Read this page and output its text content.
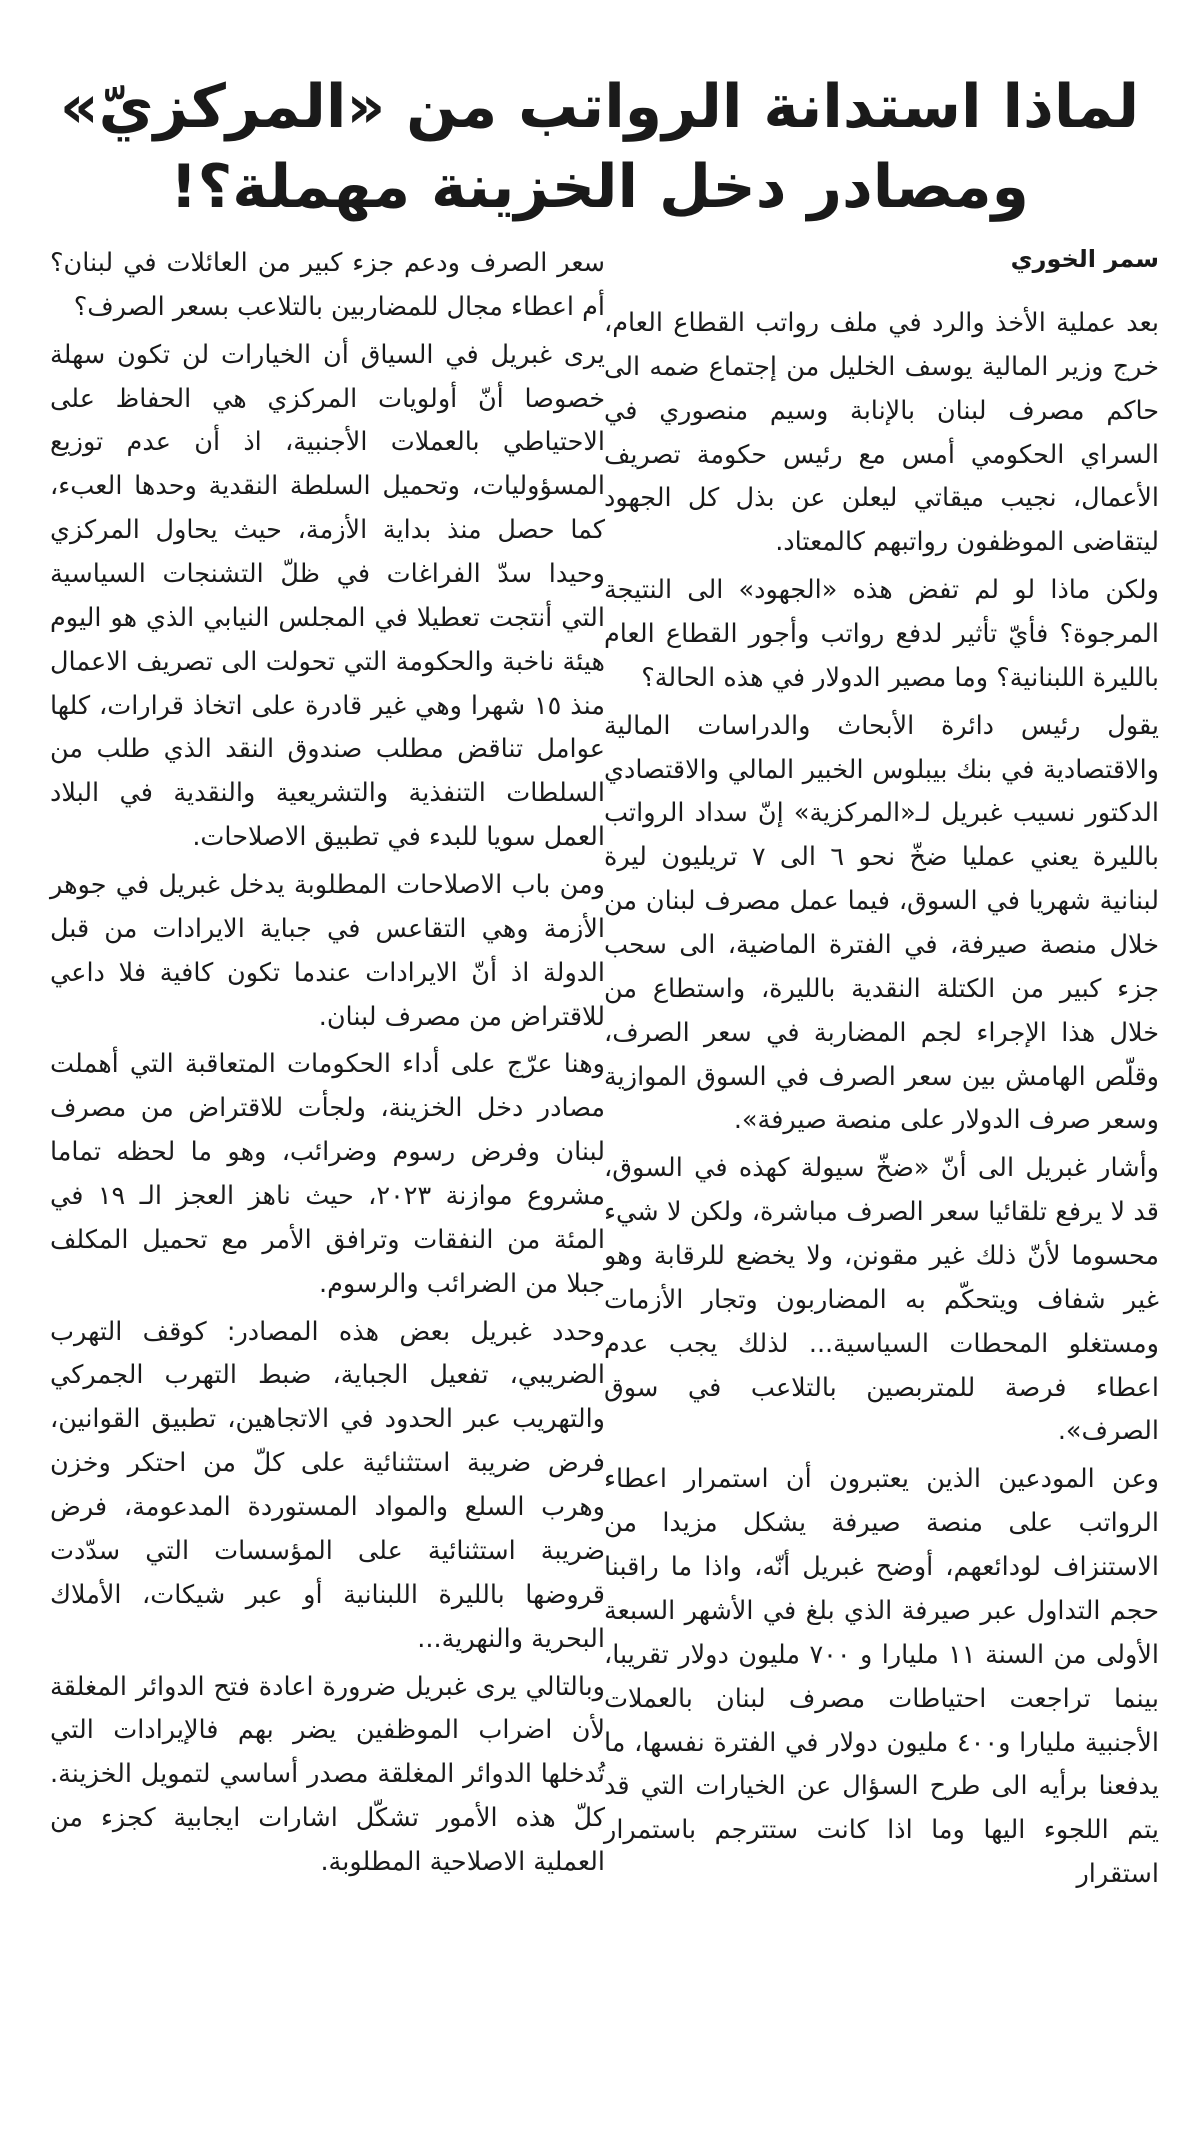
لماذا استدانة الرواتب من «المركزيّ»
ومصادر دخل الخزينة مهملة؟!
سمر الخوري

بعد عملية الأخذ والرد في ملف رواتب القطاع العام، خرج وزير المالية يوسف الخليل من إجتماع ضمه الى حاكم مصرف لبنان بالإنابة وسيم منصوري في السراي الحكومي أمس مع رئيس حكومة تصريف الأعمال، نجيب ميقاتي ليعلن عن بذل كل الجهود ليتقاضى الموظفون رواتبهم كالمعتاد.

ولكن ماذا لو لم تفض هذه «الجهود» الى النتيجة المرجوة؟ فأيّ تأثير لدفع رواتب وأجور القطاع العام بالليرة اللبنانية؟ وما مصير الدولار في هذه الحالة؟

يقول رئيس دائرة الأبحاث والدراسات المالية والاقتصادية في بنك بيبلوس الخبير المالي والاقتصادي الدكتور نسيب غبريل لـ«المركزية» إنّ سداد الرواتب بالليرة يعني عمليا ضخّ نحو ٦ الى ٧ تريليون ليرة لبنانية شهريا في السوق، فيما عمل مصرف لبنان من خلال منصة صيرفة، في الفترة الماضية، الى سحب جزء كبير من الكتلة النقدية بالليرة، واستطاع من خلال هذا الإجراء لجم المضاربة في سعر الصرف، وقلّص الهامش بين سعر الصرف في السوق الموازية وسعر صرف الدولار على منصة صيرفة».

وأشار غبريل الى أنّ «ضخّ سيولة كهذه في السوق، قد لا يرفع تلقائيا سعر الصرف مباشرة، ولكن لا شيء محسوما لأنّ ذلك غير مقونن، ولا يخضع للرقابة وهو غير شفاف ويتحكّم به المضاربون وتجار الأزمات ومستغلو المحطات السياسية... لذلك يجب عدم اعطاء فرصة للمتربصين بالتلاعب في سوق الصرف».

وعن المودعين الذين يعتبرون أن استمرار اعطاء الرواتب على منصة صيرفة يشكل مزيدا من الاستنزاف لودائعهم، أوضح غبريل أنّه، واذا ما راقبنا حجم التداول عبر صيرفة الذي بلغ في الأشهر السبعة الأولى من السنة ١١ مليارا و ٧٠٠ مليون دولار تقريبا، بينما تراجعت احتياطات مصرف لبنان بالعملات الأجنبية مليارا و٤٠٠ مليون دولار في الفترة نفسها، ما يدفعنا برأيه الى طرح السؤال عن الخيارات التي قد يتم اللجوء اليها وما اذا كانت ستترجم باستمرار استقرار

سعر الصرف ودعم جزء كبير من العائلات في لبنان؟ أم اعطاء مجال للمضاربين بالتلاعب بسعر الصرف؟

يرى غبريل في السياق أن الخيارات لن تكون سهلة خصوصا أنّ أولويات المركزي هي الحفاظ على الاحتياطي بالعملات الأجنبية، اذ أن عدم توزيع المسؤوليات، وتحميل السلطة النقدية وحدها العبء، كما حصل منذ بداية الأزمة، حيث يحاول المركزي وحيدا سدّ الفراغات في ظلّ التشنجات السياسية التي أنتجت تعطيلا في المجلس النيابي الذي هو اليوم هيئة ناخبة والحكومة التي تحولت الى تصريف الاعمال منذ ١٥ شهرا وهي غير قادرة على اتخاذ قرارات، كلها عوامل تناقض مطلب صندوق النقد الذي طلب من السلطات التنفذية والتشريعية والنقدية في البلاد العمل سويا للبدء في تطبيق الاصلاحات.

ومن باب الاصلاحات المطلوبة يدخل غبريل في جوهر الأزمة وهي التقاعس في جباية الايرادات من قبل الدولة اذ أنّ الايرادات عندما تكون كافية فلا داعي للاقتراض من مصرف لبنان.

وهنا عرّج على أداء الحكومات المتعاقبة التي أهملت مصادر دخل الخزينة، ولجأت للاقتراض من مصرف لبنان وفرض رسوم وضرائب، وهو ما لحظه تماما مشروع موازنة ٢٠٢٣، حيث ناهز العجز الـ ١٩ في المئة من النفقات وترافق الأمر مع تحميل المكلف جبلا من الضرائب والرسوم.

وحدد غبريل بعض هذه المصادر: كوقف التهرب الضريبي، تفعيل الجباية، ضبط التهرب الجمركي والتهريب عبر الحدود في الاتجاهين، تطبيق القوانين، فرض ضريبة استثنائية على كلّ من احتكر وخزن وهرب السلع والمواد المستوردة المدعومة، فرض ضريبة استثنائية على المؤسسات التي سدّدت قروضها بالليرة اللبنانية أو عبر شيكات، الأملاك البحرية والنهرية...

وبالتالي يرى غبريل ضرورة اعادة فتح الدوائر المغلقة لأن اضراب الموظفين يضر بهم فالإيرادات التي تُدخلها الدوائر المغلقة مصدر أساسي لتمويل الخزينة. كلّ هذه الأمور تشكّل اشارات ايجابية كجزء من العملية الاصلاحية المطلوبة.
